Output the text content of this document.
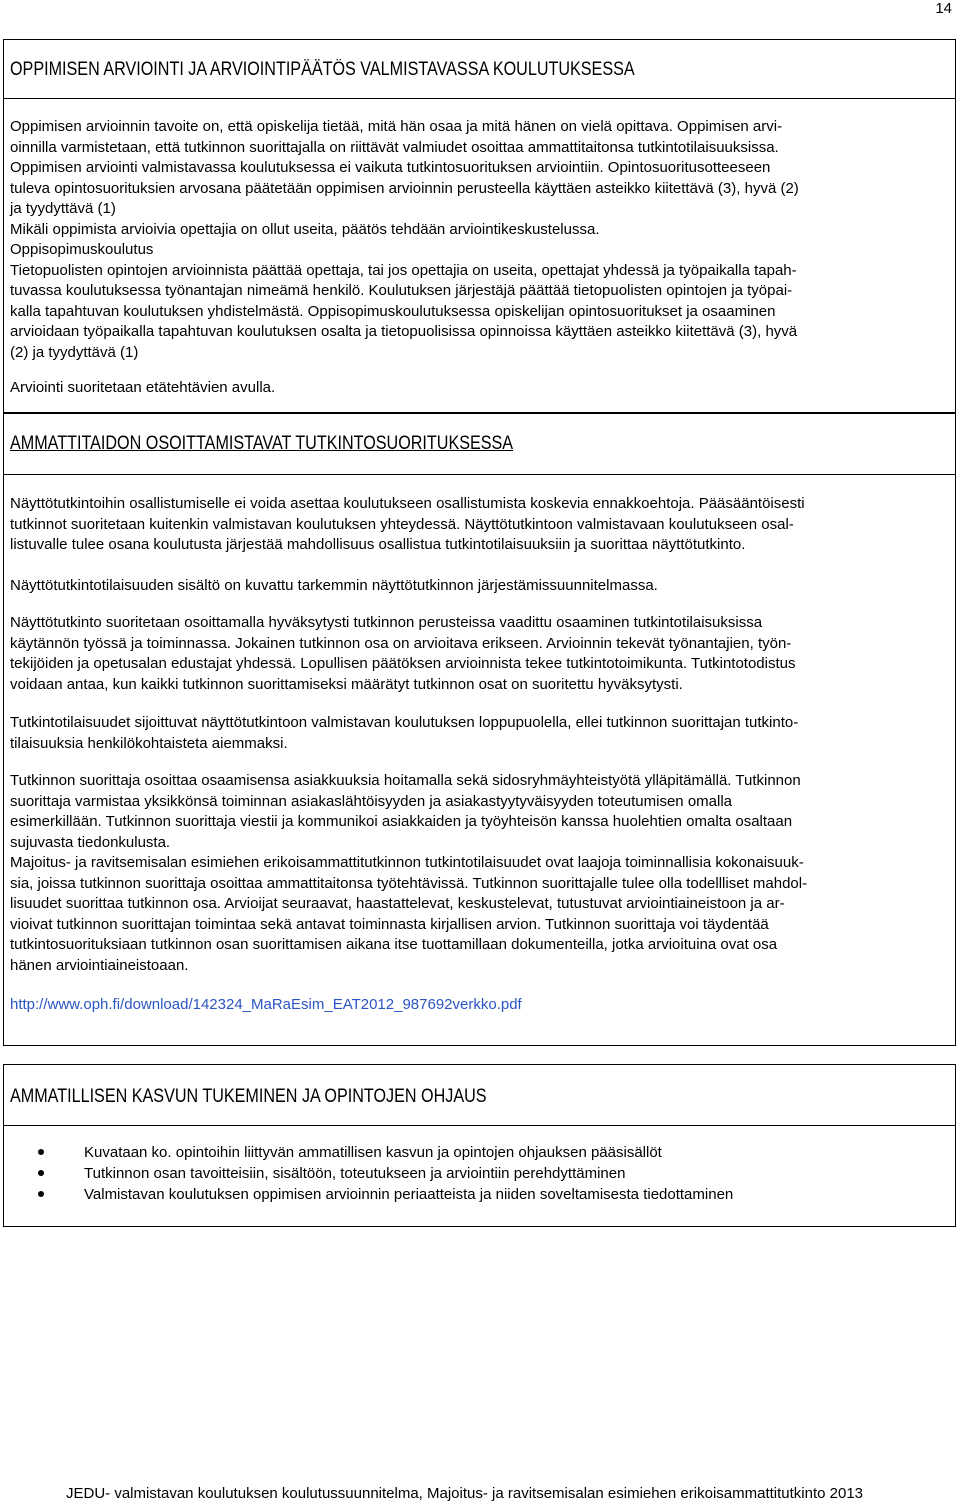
14
OPPIMISEN ARVIOINTI JA ARVIOINTIPÄÄTÖS VALMISTAVASSA KOULUTUKSESSA
Oppimisen arvioinnin tavoite on, että opiskelija tietää, mitä hän osaa ja mitä hänen on vielä opittava. Oppimisen arvi-
oinnilla varmistetaan, että tutkinnon suorittajalla on riittävät valmiudet osoittaa ammattitaitonsa tutkintotilaisuuksissa.
Oppimisen arviointi valmistavassa koulutuksessa ei vaikuta tutkintosuorituksen arviointiin. Opintosuoritusotteeseen
tuleva opintosuorituksien arvosana päätetään oppimisen arvioinnin perusteella käyttäen asteikko kiitettävä (3), hyvä (2)
ja tyydyttävä (1)
Mikäli oppimista arvioivia opettajia on ollut useita, päätös tehdään arviointikeskustelussa.
Oppisopimuskoulutus
Tietopuolisten opintojen arvioinnista päättää opettaja, tai jos opettajia on useita, opettajat yhdessä ja työpaikalla tapah-
tuvassa koulutuksessa työnantajan nimeämä henkilö. Koulutuksen järjestäjä päättää tietopuolisten opintojen ja työpai-
kalla tapahtuvan koulutuksen yhdistelmästä. Oppisopimuskoulutuksessa opiskelijan opintosuoritukset ja osaaminen
arvioidaan työpaikalla tapahtuvan koulutuksen osalta ja tietopuolisissa opinnoissa käyttäen asteikko kiitettävä (3), hyvä
(2) ja tyydyttävä (1)
Arviointi suoritetaan etätehtävien avulla.
AMMATTITAIDON OSOITTAMISTAVAT TUTKINTOSUORITUKSESSA
Näyttötutkintoihin osallistumiselle ei voida asettaa koulutukseen osallistumista koskevia ennakkoehtoja. Pääsääntöisesti
tutkinnot suoritetaan kuitenkin valmistavan koulutuksen yhteydessä. Näyttötutkintoon valmistavaan koulutukseen osal-
listuvalle tulee osana koulutusta järjestää mahdollisuus osallistua tutkintotilaisuuksiin ja suorittaa näyttötutkinto.
Näyttötutkintotilaisuuden sisältö on kuvattu tarkemmin näyttötutkinnon järjestämissuunnitelmassa.
Näyttötutkinto suoritetaan osoittamalla hyväksytysti tutkinnon perusteissa vaadittu osaaminen tutkintotilaisuksissa
käytännön työssä ja toiminnassa. Jokainen tutkinnon osa on arvioitava erikseen. Arvioinnin tekevät työnantajien, työn-
tekijöiden ja opetusalan edustajat yhdessä. Lopullisen päätöksen arvioinnista tekee tutkintotoimikunta. Tutkintotodistus
voidaan antaa, kun kaikki tutkinnon suorittamiseksi määrätyt tutkinnon osat on suoritettu hyväksytysti.
Tutkintotilaisuudet sijoittuvat näyttötutkintoon valmistavan koulutuksen loppupuolella, ellei tutkinnon suorittajan tutkinto-
tilaisuuksia henkilökohtaisteta aiemmaksi.
Tutkinnon suorittaja osoittaa osaamisensa asiakkuuksia hoitamalla sekä sidosryhmäyhteistyötä ylläpitämällä. Tutkinnon
suorittaja varmistaa yksikkönsä toiminnan asiakaslähtöisyyden ja asiakastyytyväisyyden toteutumisen omalla
esimerkillään. Tutkinnon suorittaja viestii ja kommunikoi asiakkaiden ja työyhteisön kanssa huolehtien omalta osaltaan
sujuvasta tiedonkulusta.
Majoitus- ja ravitsemisalan esimiehen erikoisammattitutkinnon tutkintotilaisuudet ovat laajoja toiminnallisia kokonaisuuk-
sia, joissa tutkinnon suorittaja osoittaa ammattitaitonsa työtehtävissä. Tutkinnon suorittajalle tulee olla todellliset mahdol-
lisuudet suorittaa tutkinnon osa. Arvioijat seuraavat, haastattelevat, keskustelevat, tutustuvat arviointiaineistoon ja ar-
vioivat tutkinnon suorittajan toimintaa sekä antavat toiminnasta kirjallisen arvion. Tutkinnon suorittaja voi täydentää
tutkintosuorituksiaan tutkinnon osan suorittamisen aikana itse tuottamillaan dokumenteilla, jotka arvioituina ovat osa
hänen arviointiaineistoaan.
http://www.oph.fi/download/142324_MaRaEsim_EAT2012_987692verkko.pdf
AMMATILLISEN KASVUN TUKEMINEN JA OPINTOJEN OHJAUS
Kuvataan ko. opintoihin liittyvän ammatillisen kasvun ja opintojen ohjauksen pääsisällöt
Tutkinnon osan tavoitteisiin, sisältöön, toteutukseen ja arviointiin perehdyttäminen
Valmistavan koulutuksen oppimisen arvioinnin periaatteista ja niiden soveltamisesta tiedottaminen
JEDU- valmistavan koulutuksen koulutussuunnitelma, Majoitus- ja ravitsemisalan esimiehen erikoisammattitutkinto 2013
